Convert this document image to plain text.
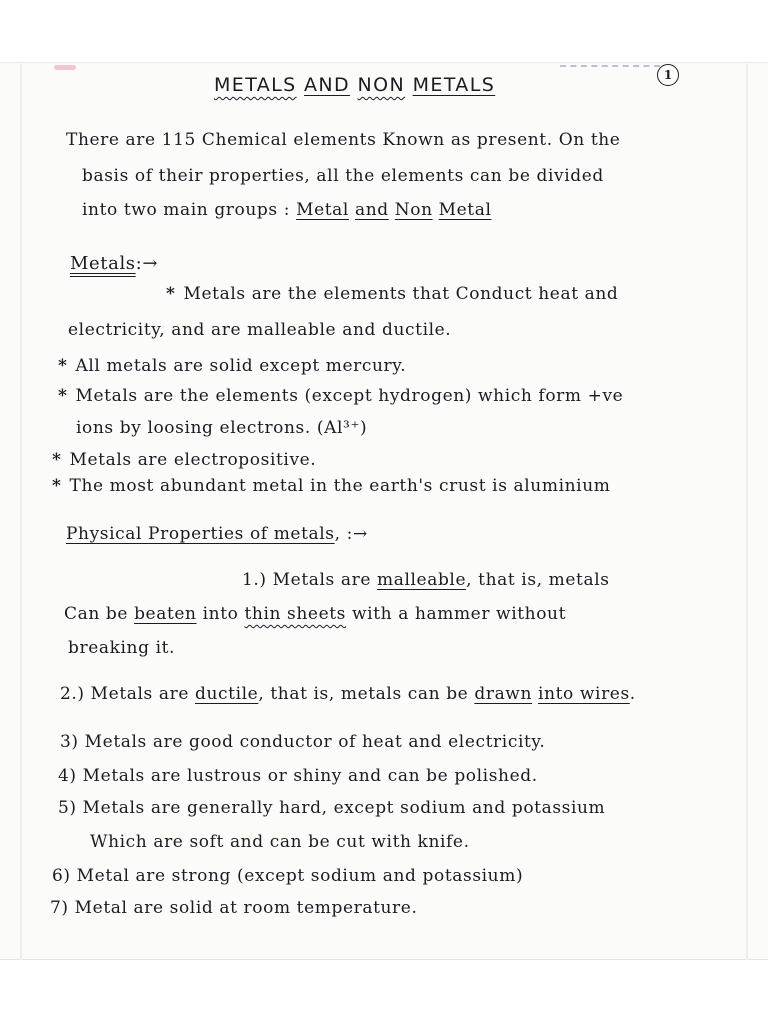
METALS AND NON METALS	1
There are 115 Chemical elements Known as present. On the
basis of their properties, all the elements can be divided
into two main groups : Metal and Non Metal
Metals:→
* Metals are the elements that Conduct heat and
electricity, and are malleable and ductile.
* All metals are solid except mercury.
* Metals are the elements (except hydrogen) which form +ve
ions by loosing electrons. (Al³⁺)
* Metals are electropositive.
* The most abundant metal in the earth's crust is aluminium
Physical Properties of metals, :→
1.) Metals are malleable, that is, metals
Can be beaten into thin sheets with a hammer without
breaking it.
2.) Metals are ductile, that is, metals can be drawn into wires.
3) Metals are good conductor of heat and electricity.
4) Metals are lustrous or shiny and can be polished.
5) Metals are generally hard, except sodium and potassium
Which are soft and can be cut with knife.
6) Metal are strong (except sodium and potassium)
7) Metal are solid at room temperature.
